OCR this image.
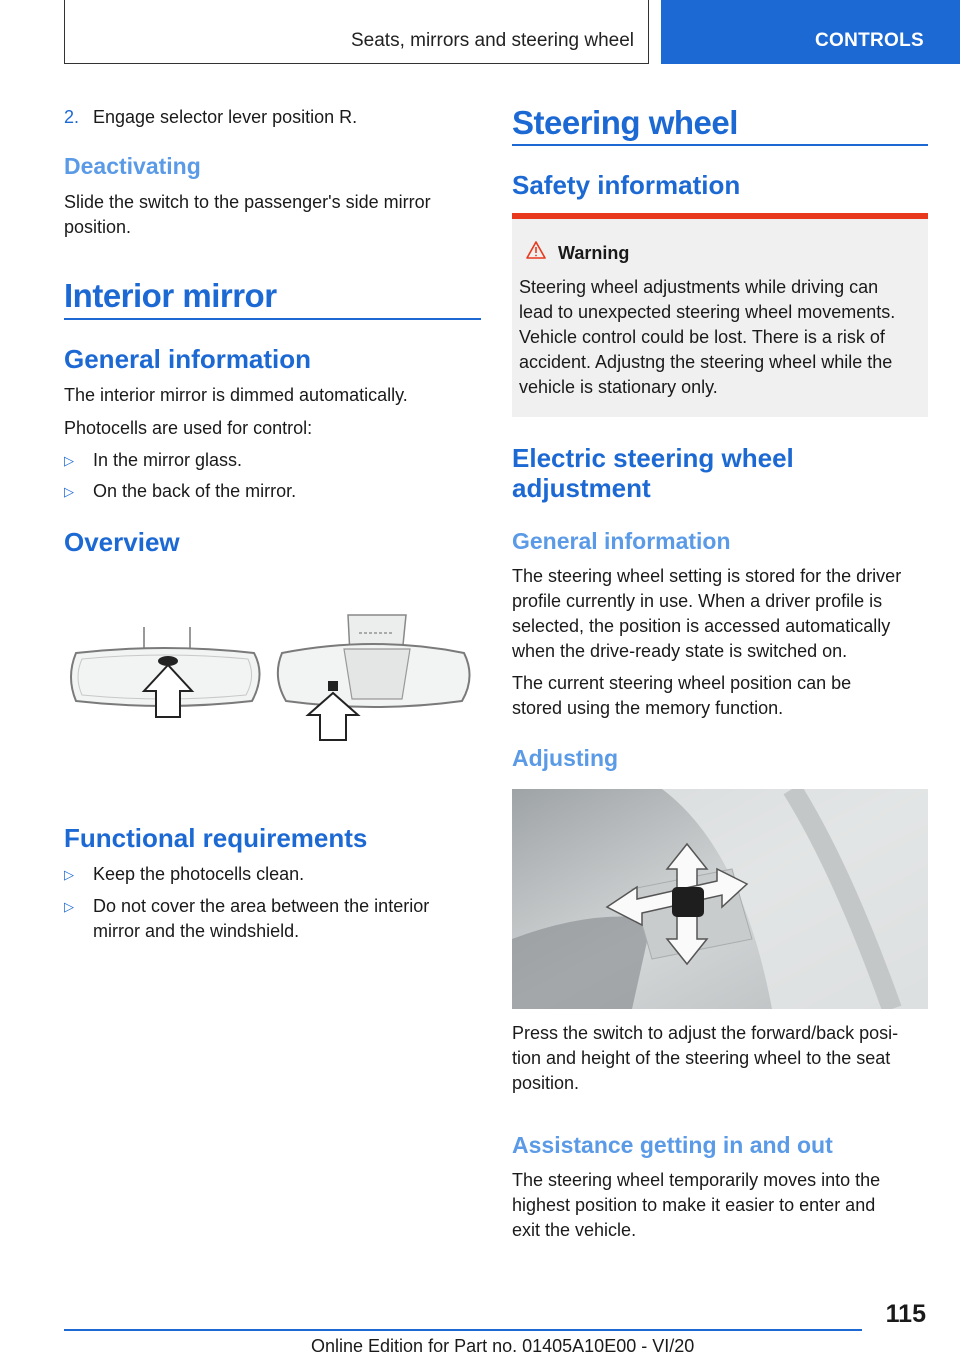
Seats, mirrors and steering wheel	CONTROLS
2. Engage selector lever position R.
Deactivating
Slide the switch to the passenger's side mirror
position.
Interior mirror
General information
The interior mirror is dimmed automatically.
Photocells are used for control:
▷	In the mirror glass.
▷	On the back of the mirror.
Overview
Functional requirements
▷	Keep the photocells clean.
▷	Do not cover the area between the interior
mirror and the windshield.
Steering wheel
Safety information
Warning
Steering wheel adjustments while driving can
lead to unexpected steering wheel movements.
Vehicle control could be lost. There is a risk of
accident. Adjustng the steering wheel while the
vehicle is stationary only.
Electric steering wheel
adjustment
General information
The steering wheel setting is stored for the driver
profile currently in use. When a driver profile is
selected, the position is accessed automatically
when the drive-ready state is switched on.
The current steering wheel position can be
stored using the memory function.
Adjusting
Press the switch to adjust the forward/back posi‐
tion and height of the steering wheel to the seat
position.
Assistance getting in and out
The steering wheel temporarily moves into the
highest position to make it easier to enter and
exit the vehicle.
115
Online Edition for Part no. 01405A10E00 - VI/20
